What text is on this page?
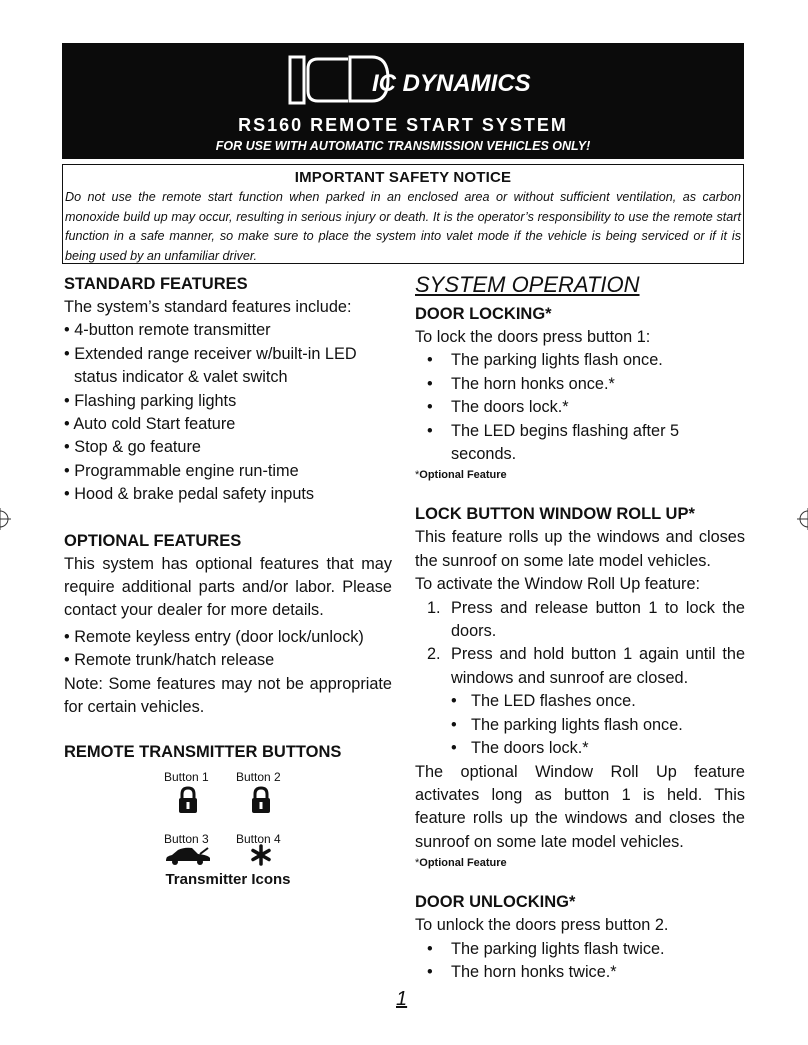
IC DYNAMICS
RS160 REMOTE START SYSTEM
FOR USE WITH AUTOMATIC TRANSMISSION VEHICLES ONLY!
IMPORTANT SAFETY NOTICE
Do not use the remote start function when parked in an enclosed area or without sufficient ventilation, as carbon monoxide build up may occur, resulting in serious injury or death. It is the operator’s responsibility to use the remote start function in a safe manner, so make sure to place the system into valet mode if the vehicle is being serviced or if it is being used by an unfamiliar driver.
STANDARD FEATURES

The system’s standard features include:

• 4-button remote transmitter
• Extended range receiver w/built-in LED status indicator & valet switch
• Flashing parking lights
• Auto cold Start feature
• Stop & go feature
• Programmable engine run-time
• Hood & brake pedal safety inputs
OPTIONAL FEATURES

This system has optional features that may require additional parts and/or labor. Please contact your dealer for more details.

• Remote keyless entry (door lock/unlock)
• Remote trunk/hatch release

Note: Some features may not be appropriate for certain vehicles.

REMOTE TRANSMITTER BUTTONS
Button 1 Button 2
Button 3 Button 4
Transmitter Icons
SYSTEM OPERATION
DOOR LOCKING*

To lock the doors press button 1:

• The parking lights flash once.
• The horn honks once.*
• The doors lock.*
• The LED begins flashing after 5 seconds.

*Optional Feature

LOCK BUTTON WINDOW ROLL UP*

This feature rolls up the windows and closes the sunroof on some late model vehicles.

To activate the Window Roll Up feature:

1. Press and release button 1 to lock the doors.
2. Press and hold button 1 again until the windows and sunroof are closed.
• The LED flashes once.
• The parking lights flash once.
• The doors lock.*

The optional Window Roll Up feature activates long as button 1 is held. This feature rolls up the windows and closes the sunroof on some late model vehicles.

*Optional Feature

DOOR UNLOCKING*

To unlock the doors press button 2.

• The parking lights flash twice.
• The horn honks twice.*
1
